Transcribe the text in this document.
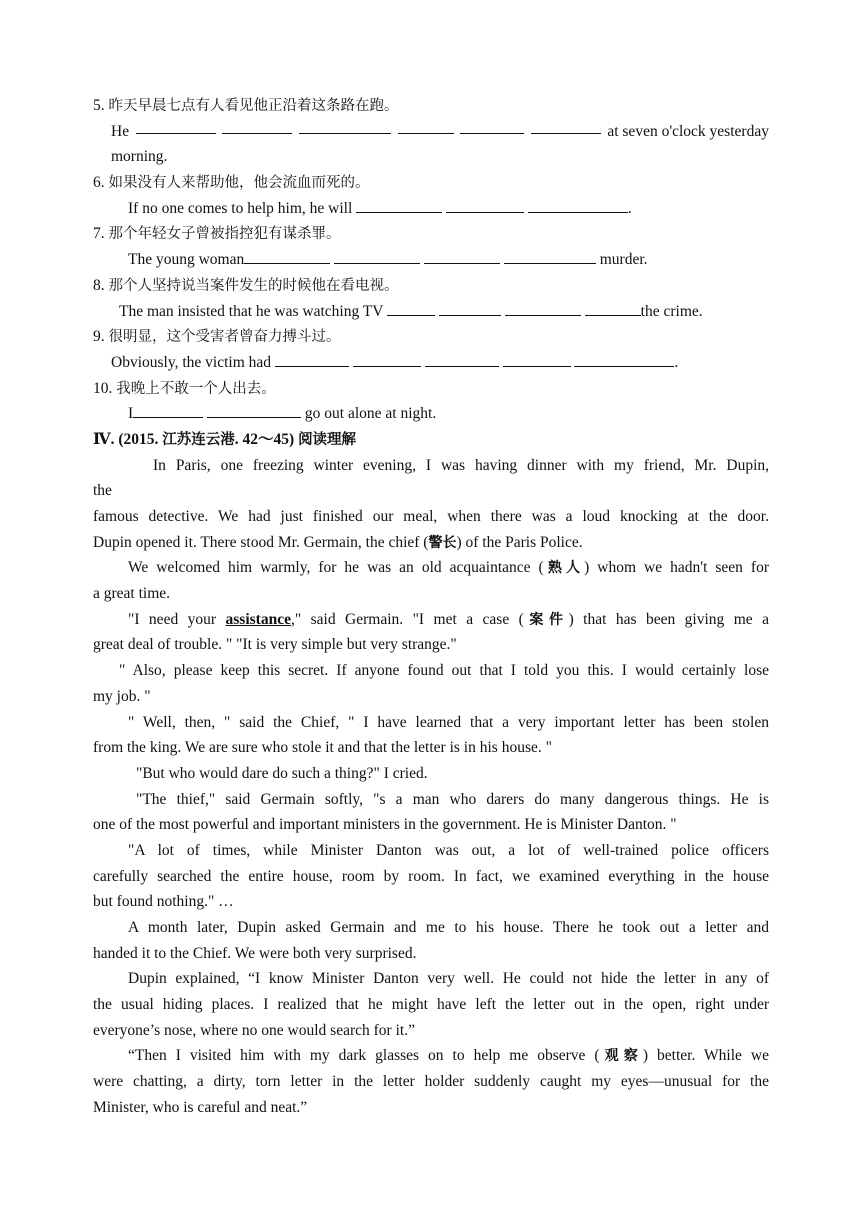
5. 昨天早晨七点有人看见他正沿着这条路在跑。
He	at seven o'clock yesterday
morning.
6. 如果没有人来帮助他，他会流血而死的。
If no one comes to help him, he will	.
7. 那个年轻女子曾被指控犯有谋杀罪。
The young woman	murder.
8. 那个人坚持说当案件发生的时候他在看电视。
The man insisted that he was watching TV	the crime.
9. 很明显，这个受害者曾奋力搏斗过。
Obviously, the victim had	.
10. 我晚上不敢一个人出去。
I	go out alone at night.
Ⅳ. (2015. 江苏连云港. 42～45) 阅读理解
In Paris, one freezing winter evening, I was having dinner with my friend, Mr. Dupin,
the
famous detective. We had just finished our meal, when there was a loud knocking at the door.
Dupin opened it. There stood Mr. Germain, the chief (警长) of the Paris Police.
We welcomed him warmly, for he was an old acquaintance (熟人) whom we hadn't seen for
a great time.
"I need your assistance," said Germain. "I met a case (案件) that has been giving me a
great deal of trouble. " "It is very simple but very strange."
" Also, please keep this secret. If anyone found out that I told you this. I would certainly lose
my job. "
" Well, then, " said the Chief, " I have learned that a very important letter has been stolen
from the king. We are sure who stole it and that the letter is in his house. "
"But who would dare do such a thing?" I cried.
"The thief," said Germain softly, "s a man who darers do many dangerous things. He is
one of the most powerful and important ministers in the government. He is Minister Danton. "
"A lot of times, while Minister Danton was out, a lot of well-trained police officers
carefully searched the entire house, room by room. In fact, we examined everything in the house
but found nothing." …
A month later, Dupin asked Germain and me to his house. There he took out a letter and
handed it to the Chief. We were both very surprised.
Dupin explained, “I know Minister Danton very well. He could not hide the letter in any of
the usual hiding places. I realized that he might have left the letter out in the open, right under
everyone’s nose, where no one would search for it.”
“Then I visited him with my dark glasses on to help me observe (观察) better. While we
were chatting, a dirty, torn letter in the letter holder suddenly caught my eyes—unusual for the
Minister, who is careful and neat.”
